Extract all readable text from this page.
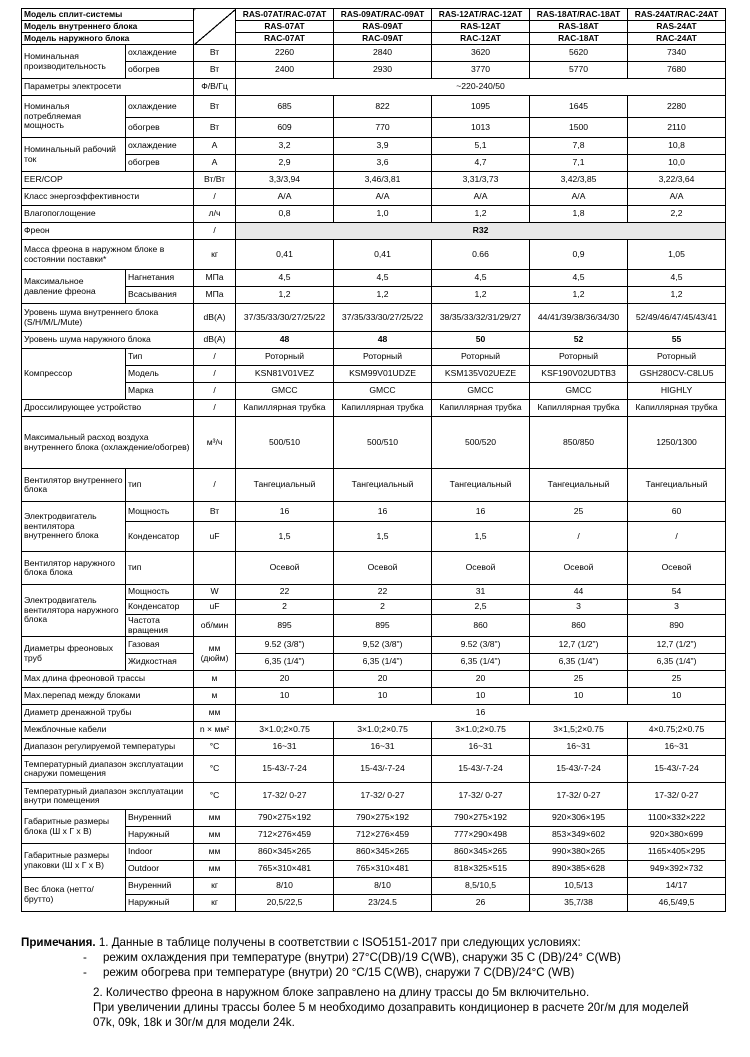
Модель сплит-системы			RAS-07AT/RAC-07AT	RAS-09AT/RAC-09AT	RAS-12AT/RAC-12AT	RAS-18AT/RAC-18AT	RAS-24AT/RAC-24AT
Модель внутреннего блока			RAS-07AT	RAS-09AT	RAS-12AT	RAS-18AT	RAS-24AT
Модель наружного блока			RAC-07AT	RAC-09AT	RAC-12AT	RAC-18AT	RAC-24AT
Номинальная производительность	охлаждение	Вт	2260	2840	3620	5620	7340
	обогрев	Вт	2400	2930	3770	5770	7680
Параметры электросети		Ф/В/Гц	~220-240/50				
Номиналья потребляемая мощность	охлаждение	Вт	685	822	1095	1645	2280
	обогрев	Вт	609	770	1013	1500	2110
Номинальный рабочий ток	охлаждение	А	3,2	3,9	5,1	7,8	10,8
	обогрев	А	2,9	3,6	4,7	7,1	10,0
EER/COP		Вт/Вт	3,3/3,94	3,46/3,81	3,31/3,73	3,42/3,85	3,22/3,64
Класс энергоэффективности		/	A/A	A/A	A/A	A/A	A/A
Влагопоглощение		л/ч	0,8	1,0	1,2	1,8	2,2
Фреон		/	R32				
Масса фреона в наружном блоке в состоянии поставки*		кг	0,41	0,41	0.66	0,9	1,05
Максимальное давление фреона	Нагнетания	МПа	4,5	4,5	4,5	4,5	4,5
	Всасывания	МПа	1,2	1,2	1,2	1,2	1,2
Уровень шума внутреннего блока (S/H/M/L/Mute)		dB(A)	37/35/33/30/27/25/22	37/35/33/30/27/25/22	38/35/33/32/31/29/27	44/41/39/38/36/34/30	52/49/46/47/45/43/41
Уровень шума наружного блока		dB(A)	48	48	50	52	55
Компрессор	Тип	/	Роторный	Роторный	Роторный	Роторный	Роторный
	Модель	/	KSN81V01VEZ	KSM99V01UDZE	KSM135V02UEZE	KSF190V02UDTB3	GSH280CV-C8LU5
	Марка	/	GMCC	GMCC	GMCC	GMCC	HIGHLY
Дроссилирующее устройство		/	Капиллярная трубка	Капиллярная трубка	Капиллярная трубка	Капиллярная трубка	Капиллярная трубка
Максимальный расход воздуха внутреннего блока (охлаждение/обогрев)		м³/ч	500/510	500/510	500/520	850/850	1250/1300
Вентилятор внутреннего блока	тип	/	Тангециальный	Тангециальный	Тангециальный	Тангециальный	Тангециальный
Электродвигатель вентилятора внутреннего блока	Мощность	Вт	16	16	16	25	60
	Конденсатор	uF	1,5	1,5	1,5	/	/
Вентилятор наружного блока блока	тип		Осевой	Осевой	Осевой	Осевой	Осевой
Электродвигатель вентилятора наружного блока	Мощность	W	22	22	31	44	54
	Конденсатор	uF	2	2	2,5	3	3
	Частота вращения	об/мин	895	895	860	860	890
Диаметры фреоновых труб	Газовая	мм (дюйм)	9.52 (3/8")	9,52 (3/8")	9.52 (3/8")	12,7 (1/2")	12,7 (1/2")
	Жидкостная		6,35 (1/4")	6,35 (1/4")	6,35 (1/4")	6,35 (1/4")	6,35 (1/4")
Max длина фреоновой трассы		м	20	20	20	25	25
Max.перепад между блоками		м	10	10	10	10	10
Диаметр дренажной трубы		мм	16				
Межблочные кабели		n × мм²	3×1.0;2×0.75	3×1.0;2×0.75	3×1.0;2×0.75	3×1,5;2×0.75	4×0.75;2×0.75
Диапазон регулируемой температуры		°С	16~31	16~31	16~31	16~31	16~31
Температурный диапазон эксплуатации снаружи помещения		°С	15-43/-7-24	15-43/-7-24	15-43/-7-24	15-43/-7-24	15-43/-7-24
Температурный диапазон эксплуатации внутри помещения		°С	17-32/ 0-27	17-32/ 0-27	17-32/ 0-27	17-32/ 0-27	17-32/ 0-27
Габаритные размеры блока (Ш х Г х В)	Внуренний	мм	790×275×192	790×275×192	790×275×192	920×306×195	1100×332×222
	Наружный	мм	712×276×459	712×276×459	777×290×498	853×349×602	920×380×699
Габаритные размеры упаковки (Ш х Г х В)	Indoor	мм	860×345×265	860×345×265	860×345×265	990×380×265	1165×405×295
	Outdoor	мм	765×310×481	765×310×481	818×325×515	890×385×628	949×392×732
Вес блока (нетто/брутто)	Внуренний	кг	8/10	8/10	8,5/10,5	10,5/13	14/17
	Наружный	кг	20,5/22,5	23/24.5	26	35,7/38	46,5/49,5
Примечания. 1. Данные в таблице получены в соответствии с ISO5151-2017 при следующих условиях:
-     режим охлаждения при температуре (внутри) 27°C(DB)/19 C(WB), снаружи 35 C (DB)/24° C(WB)
-     режим обогрева при температуре (внутри) 20 °C/15 C(WB), снаружи 7 C(DB)/24°C (WB)
2. Количество фреона в наружном блоке заправлено на длину трассы до 5м включительно.
При увеличении длины трассы более 5 м необходимо дозаправить кондиционер в расчете 20г/м для моделей
07k, 09k, 18k и 30г/м для модели 24k.
